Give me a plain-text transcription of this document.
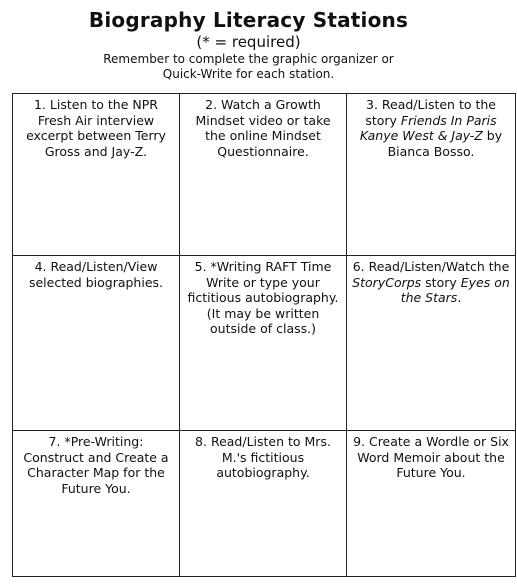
Biography Literacy Stations
(* = required)
Remember to complete the graphic organizer or
Quick-Write for each station.
1. Listen to the NPR Fresh Air interview excerpt between Terry Gross and Jay-Z.	2. Watch a Growth Mindset video or take the online Mindset Questionnaire.	3. Read/Listen to the story Friends In Paris Kanye West & Jay-Z by Bianca Bosso.
4. Read/Listen/View selected biographies.	5. *Writing RAFT Time Write or type your fictitious autobiography. (It may be written outside of class.)	6. Read/Listen/Watch the StoryCorps story Eyes on the Stars.
7. *Pre-Writing: Construct and Create a Character Map for the Future You.	8. Read/Listen to Mrs. M.'s fictitious autobiography.	9. Create a Wordle or Six Word Memoir about the Future You.
